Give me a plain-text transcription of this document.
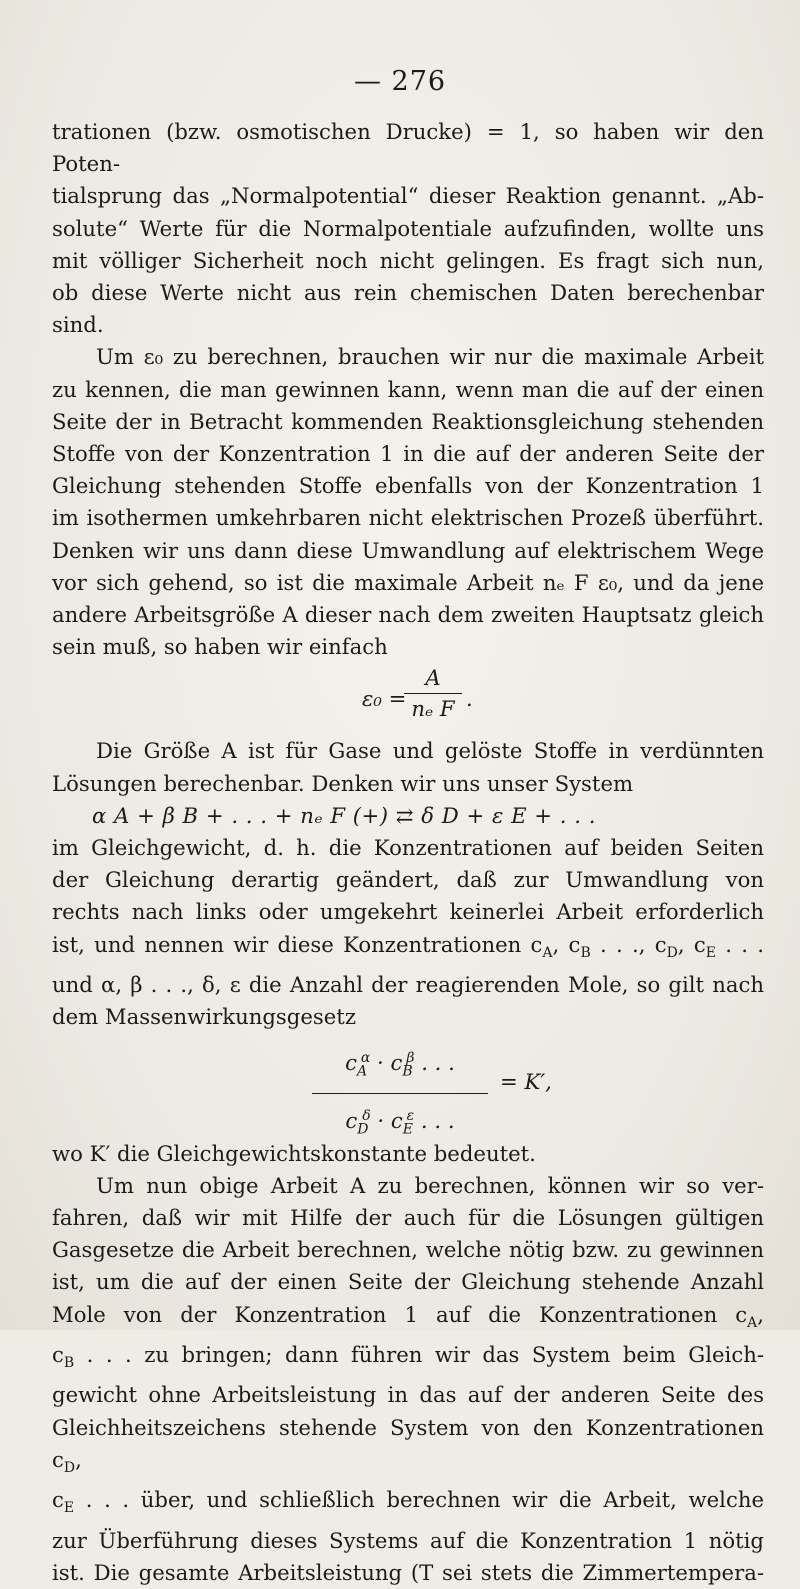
— 276

trationen (bzw. osmotischen Drucke) = 1, so haben wir den Poten-
tialsprung das „Normalpotential“ dieser Reaktion genannt. „Ab-
solute“ Werte für die Normalpotentiale aufzufinden, wollte uns
mit völliger Sicherheit noch nicht gelingen. Es fragt sich nun,
ob diese Werte nicht aus rein chemischen Daten berechenbar sind.

Um ε₀ zu berechnen, brauchen wir nur die maximale Arbeit
zu kennen, die man gewinnen kann, wenn man die auf der einen
Seite der in Betracht kommenden Reaktionsgleichung stehenden
Stoffe von der Konzentration 1 in die auf der anderen Seite der
Gleichung stehenden Stoffe ebenfalls von der Konzentration 1
im isothermen umkehrbaren nicht elektrischen Prozeß überführt.
Denken wir uns dann diese Umwandlung auf elektrischem Wege
vor sich gehend, so ist die maximale Arbeit nₑ F ε₀, und da jene
andere Arbeitsgröße A dieser nach dem zweiten Hauptsatz gleich
sein muß, so haben wir einfach

ε₀ =
A
nₑ F .

Die Größe A ist für Gase und gelöste Stoffe in verdünnten
Lösungen berechenbar. Denken wir uns unser System

α A + β B + . . . + nₑ F (+) ⇄ δ D + ε E + . . .

im Gleichgewicht, d. h. die Konzentrationen auf beiden Seiten
der Gleichung derartig geändert, daß zur Umwandlung von
rechts nach links oder umgekehrt keinerlei Arbeit erforderlich
ist, und nennen wir diese Konzentrationen $c_A$, $c_B$ . . ., $c_D$, $c_E$ . . .
und α, β . . ., δ, ε die Anzahl der reagierenden Mole, so gilt nach
dem Massenwirkungsgesetz

$c_A^\alpha \cdot c_B^\beta$ . . .
$c_D^\delta \cdot c_E^\varepsilon$ . . .
= K′,

wo K′ die Gleichgewichtskonstante bedeutet.

Um nun obige Arbeit A zu berechnen, können wir so ver-
fahren, daß wir mit Hilfe der auch für die Lösungen gültigen
Gasgesetze die Arbeit berechnen, welche nötig bzw. zu gewinnen
ist, um die auf der einen Seite der Gleichung stehende Anzahl
Mole von der Konzentration 1 auf die Konzentrationen $c_A$,
$c_B$ . . . zu bringen; dann führen wir das System beim Gleich-
gewicht ohne Arbeitsleistung in das auf der anderen Seite des
Gleichheitszeichens stehende System von den Konzentrationen $c_D$,
$c_E$ . . . über, und schließlich berechnen wir die Arbeit, welche
zur Überführung dieses Systems auf die Konzentration 1 nötig
ist. Die gesamte Arbeitsleistung (T sei stets die Zimmertempera-
